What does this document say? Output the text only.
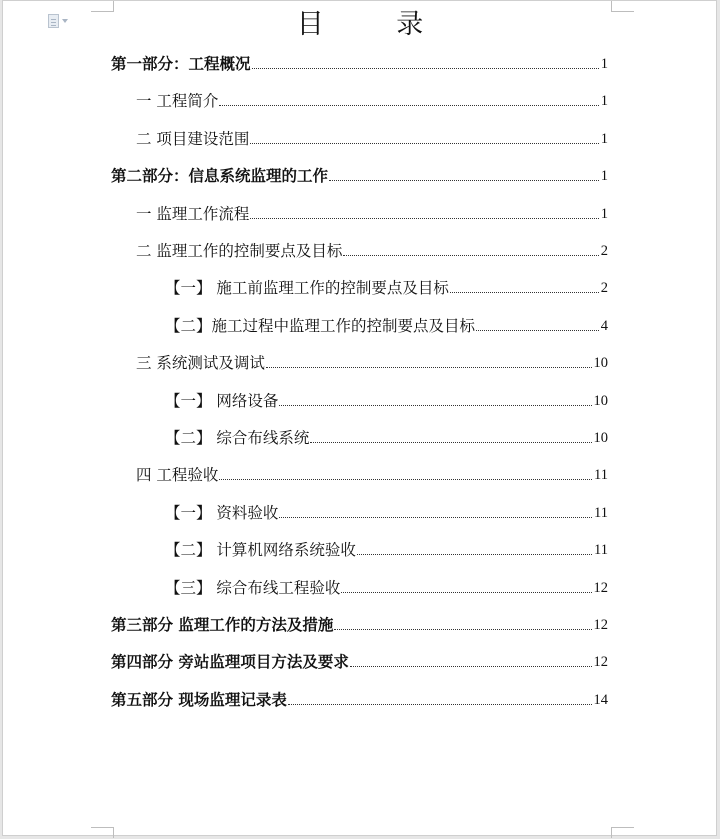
目 录
第一部分：工程概况	1
一 工程简介	1
二 项目建设范围	1
第二部分：信息系统监理的工作	1
一 监理工作流程	1
二 监理工作的控制要点及目标	2
【一】 施工前监理工作的控制要点及目标	2
【二】施工过程中监理工作的控制要点及目标	4
三 系统测试及调试	10
【一】 网络设备	10
【二】 综合布线系统	10
四 工程验收	11
【一】 资料验收	11
【二】 计算机网络系统验收	11
【三】 综合布线工程验收	12
第三部分 监理工作的方法及措施	12
第四部分 旁站监理项目方法及要求	12
第五部分 现场监理记录表	14
